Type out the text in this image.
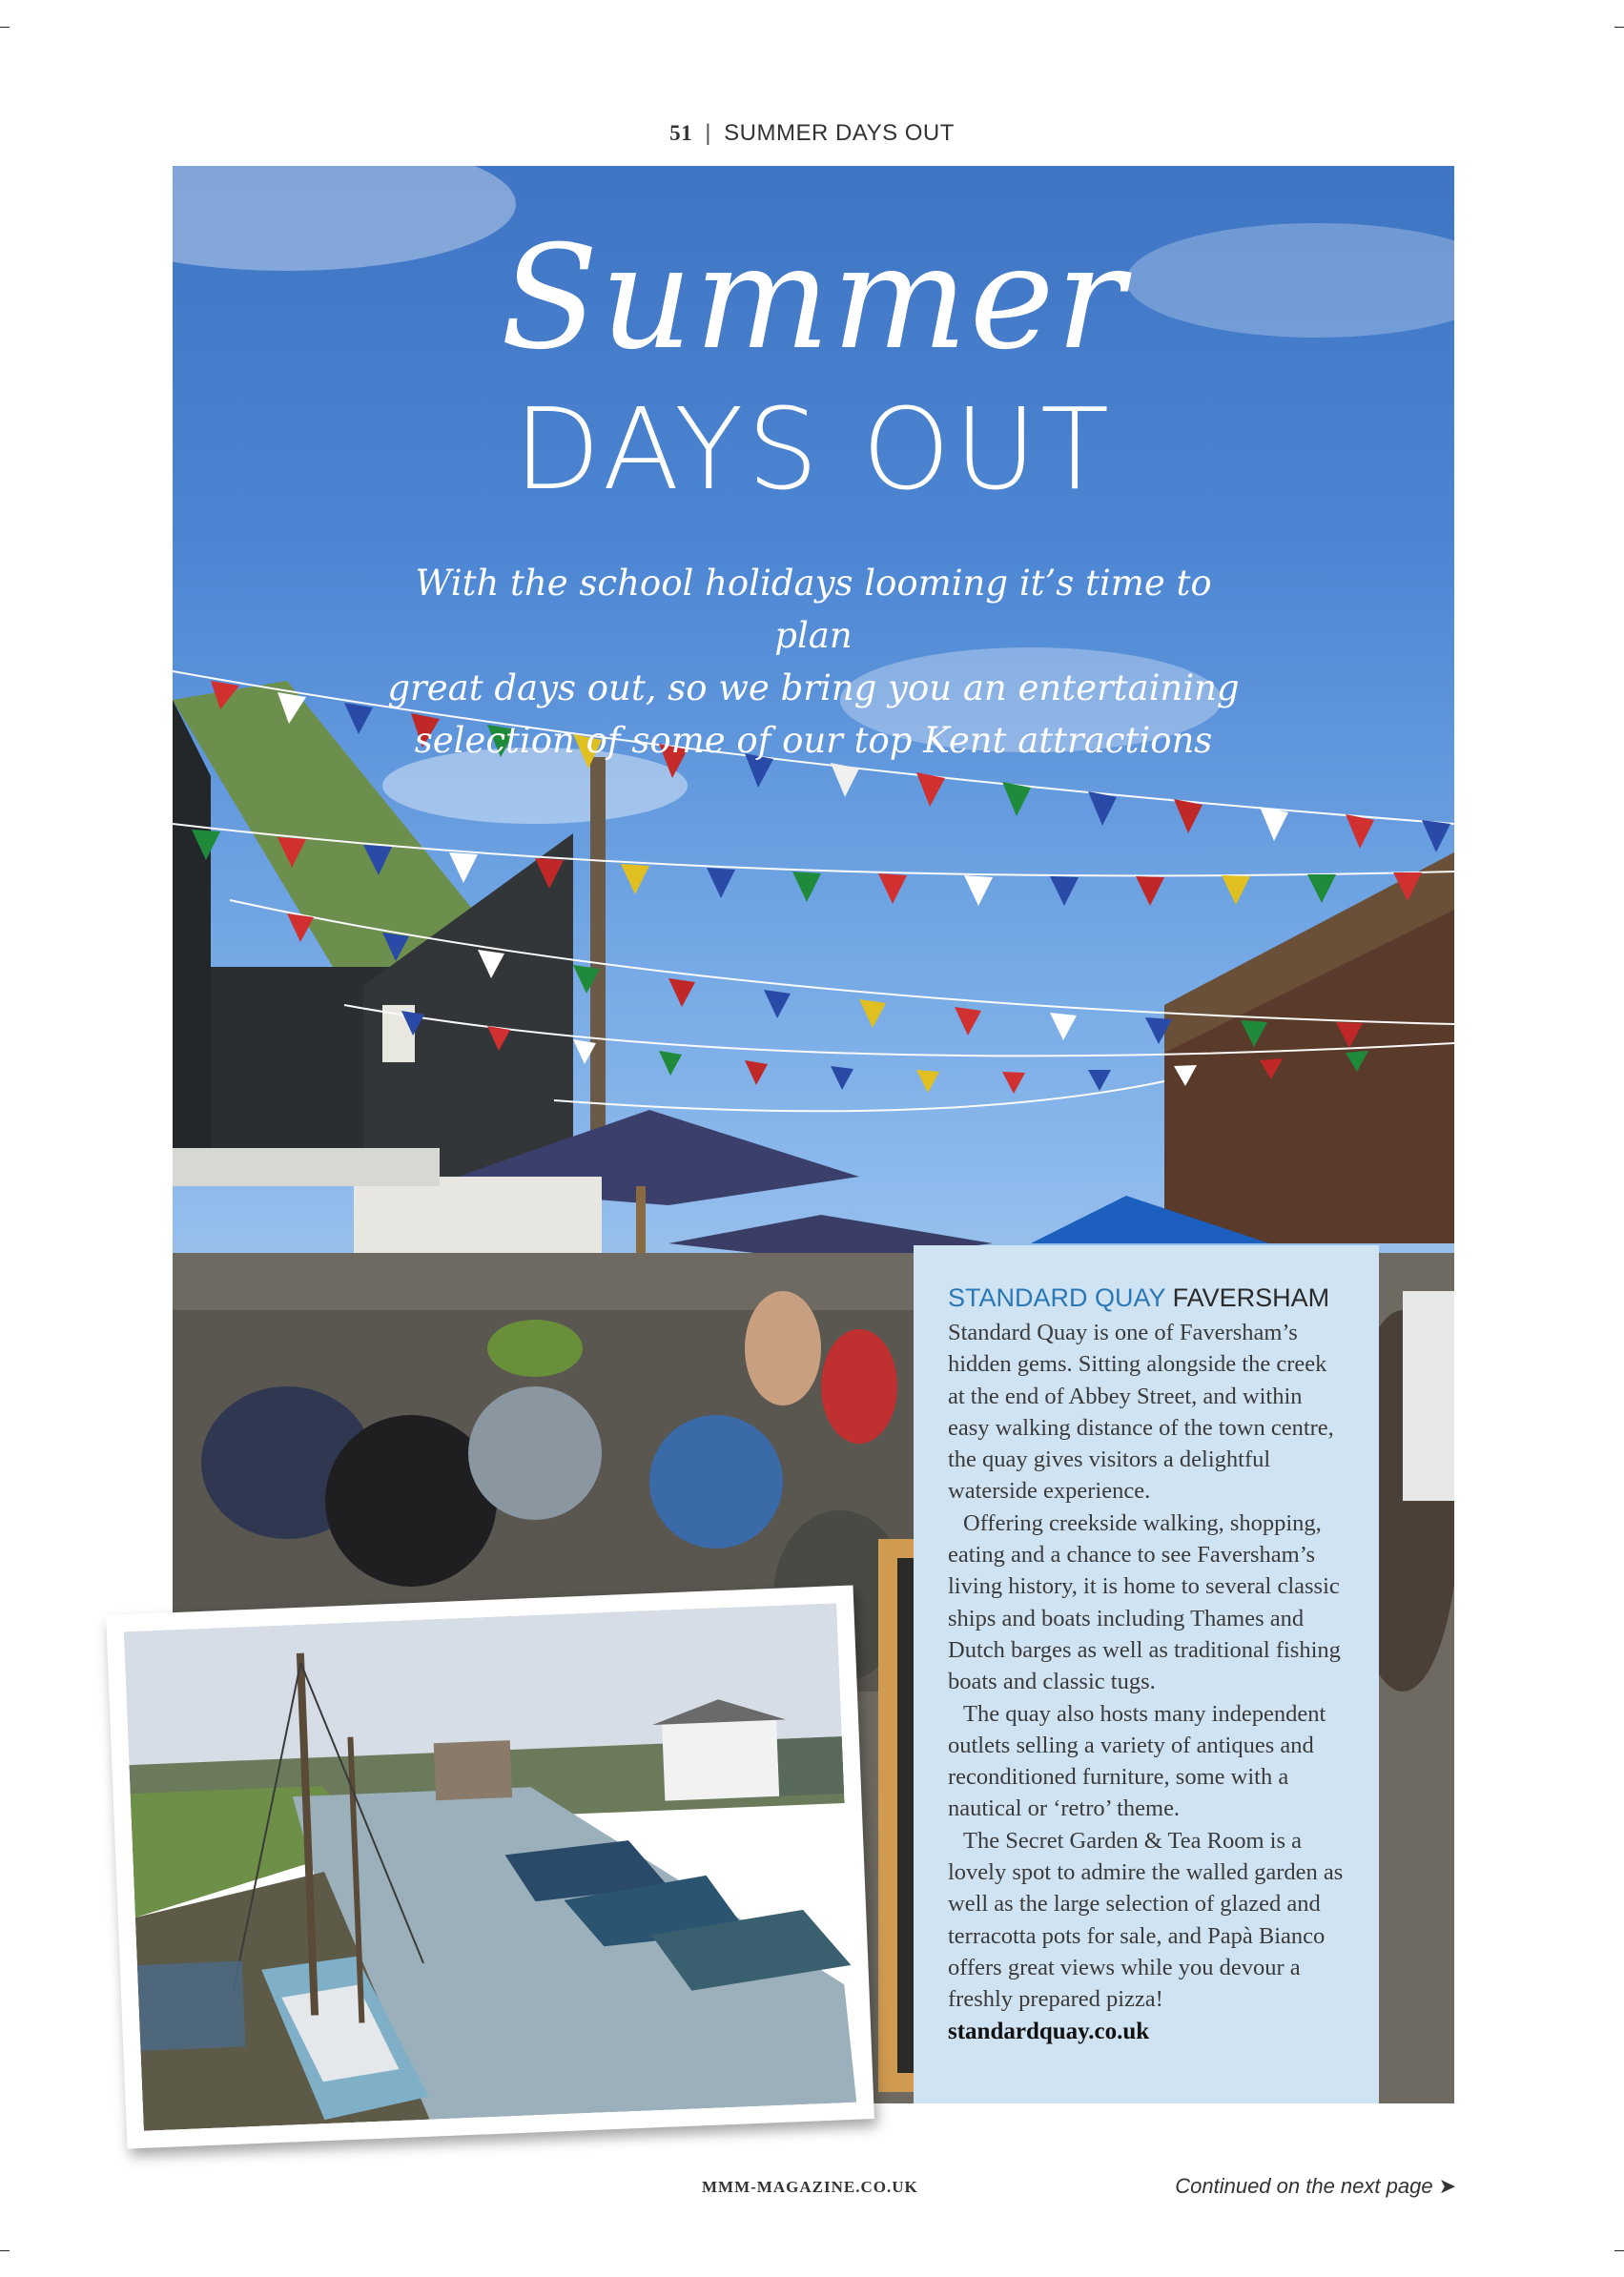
51 | SUMMER DAYS OUT
Summer
DAYS OUT
With the school holidays looming it’s time to plan
great days out, so we bring you an entertaining
selection of some of our top Kent attractions
STANDARD QUAY FAVERSHAM

Standard Quay is one of Faversham’s hidden gems. Sitting alongside the creek at the end of Abbey Street, and within easy walking distance of the town centre, the quay gives visitors a delightful waterside experience.

Offering creekside walking, shopping, eating and a chance to see Faversham’s living history, it is home to several classic ships and boats including Thames and Dutch barges as well as traditional fishing boats and classic tugs.

The quay also hosts many independent outlets selling a variety of antiques and reconditioned furniture, some with a nautical or ‘retro’ theme.

The Secret Garden & Tea Room is a lovely spot to admire the walled garden as well as the large selection of glazed and terracotta pots for sale, and Papà Bianco offers great views while you devour a freshly prepared pizza!

standardquay.co.uk
MMM-MAGAZINE.CO.UK	Continued on the next page ➤
